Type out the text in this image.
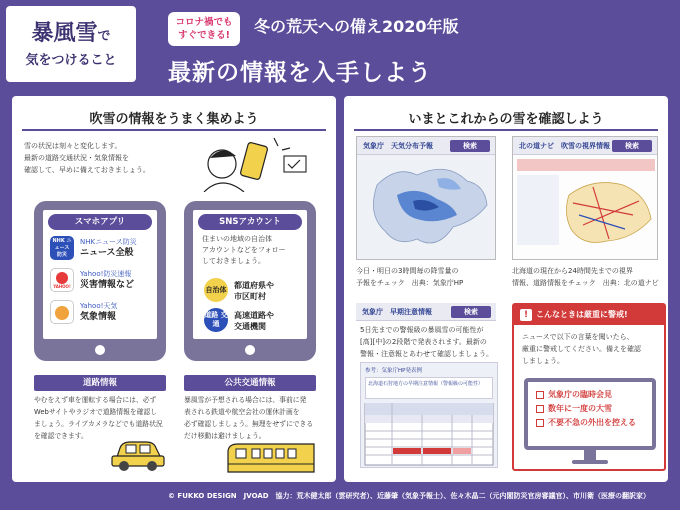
暴風雪で
気をつけること
コロナ禍でも
すぐできる!	冬の荒天への備え2020年版
最新の情報を入手しよう
吹雪の情報をうまく集めよう
雪の状況は刻々と変化します。
最新の道路交通状況・気象情報を
確認して、早めに備えておきましょう。
スマホアプリ
NHK ニュース 防災
NHKニュース防災
ニュース全般
YAHOO!
Yahoo!防災速報
災害情報など
Yahoo!天気
気象情報
SNSアカウント
住まいの地域の自治体
アカウントなどをフォロー
しておきましょう。
自治体 都道府県や
市区町村
道路 交通
高速道路や
交通機関
道路情報
やむをえず車を運転する場合には、必ず
Webサイトやラジオで道路情報を確認し
ましょう。ライブカメラなどでも道路状況
を確認できます。
公共交通情報
暴風雪が予想される場合には、事前に発
表される鉄道や航空会社の運休計画を
必ず確認しましょう。無理をせずにできる
だけ移動は避けましょう。
いまとこれからの雪を確認しよう
気象庁　天気分布予報	検索
今日・明日の3時間毎の降雪量の
予報をチェック　 出典：気象庁HP
北の道ナビ　吹雪の視界情報	検索
北海道の現在から24時間先までの視界
情報、道路情報をチェック　 出典：北の道ナビ
気象庁　早期注意情報	検索
5日先までの警報級の暴風雪の可能性が
[高][中]の2段階で発表されます。最新の
警報・注意報とあわせて確認しましょう。
参考：気象庁HP発表例
北海道石狩地方の早期注意情報（警報級の可能性）
! こんなときは厳重に警戒!
ニュースで以下の言葉を聞いたら、
厳重に警戒してください。備えを確認
しましょう。
気象庁の臨時会見
数年に一度の大雪
不要不急の外出を控える
© FUKKO DESIGN　JVOAD　協力：荒木健太郎（雲研究者）、近藤肇（気象予報士）、佐々木晶二（元内閣防災官房審議官）、市川衛（医療の翻訳家）
